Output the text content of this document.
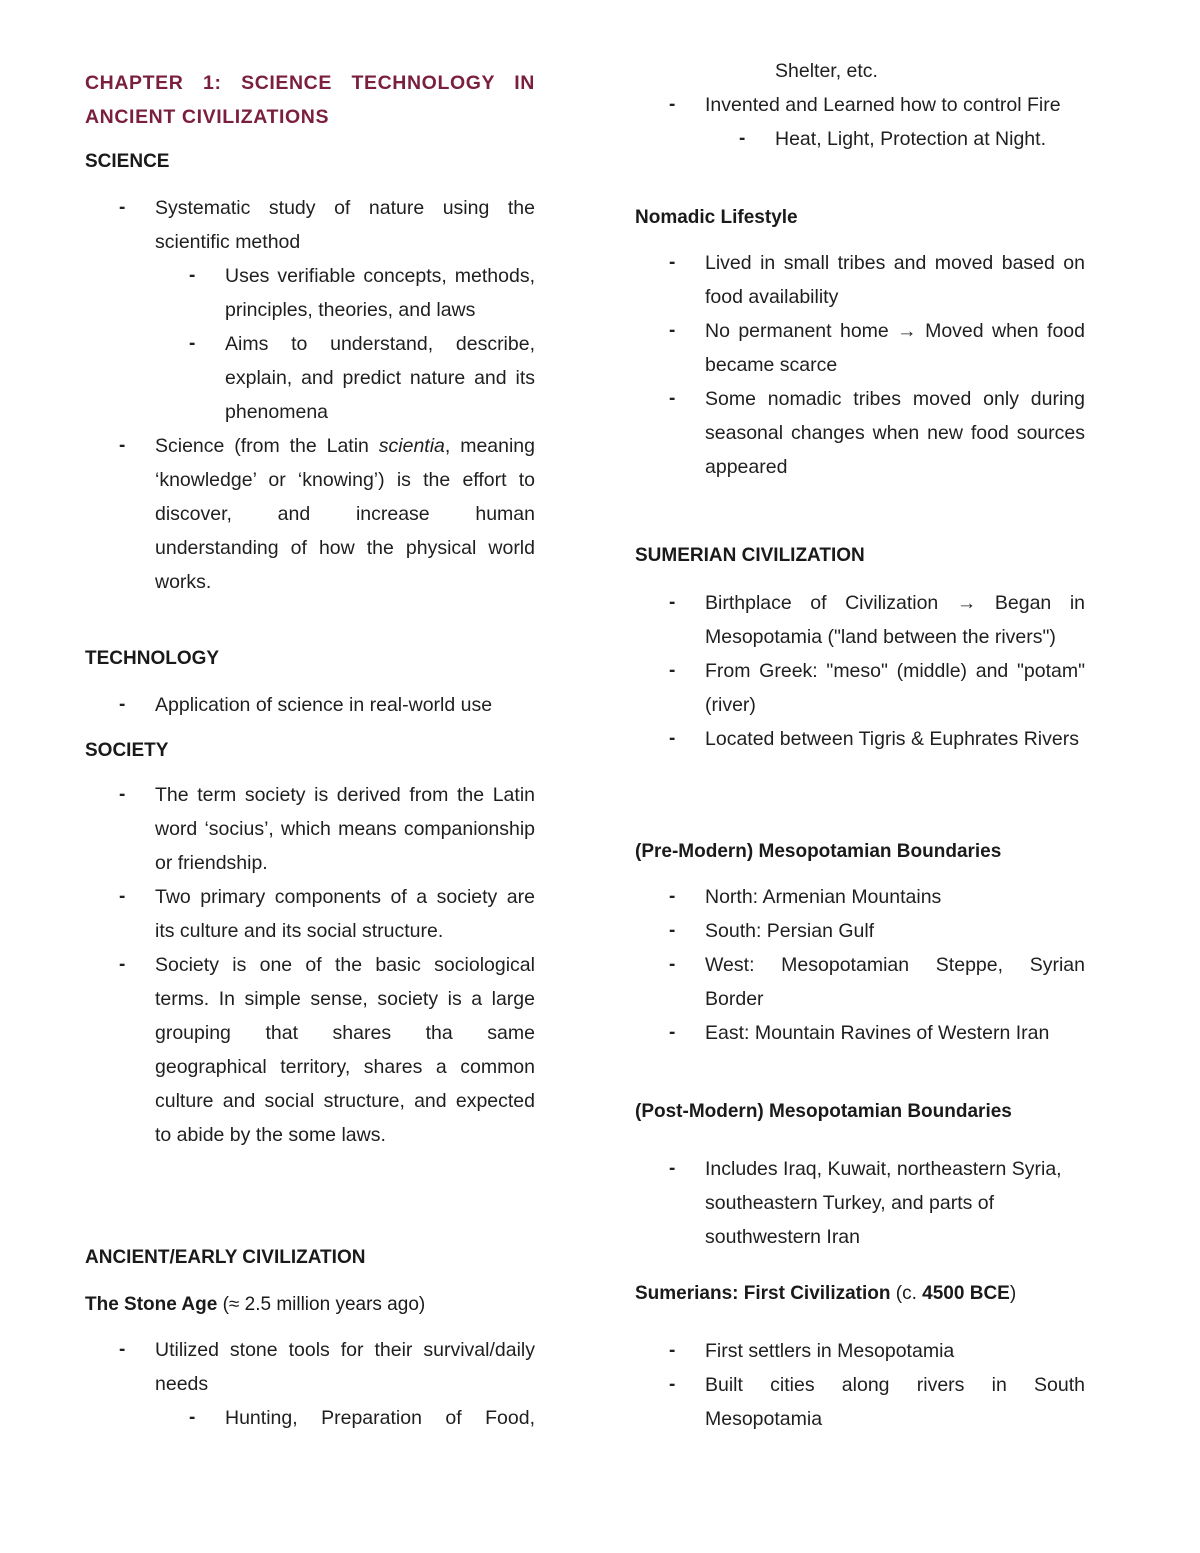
CHAPTER 1: SCIENCE TECHNOLOGY IN ANCIENT CIVILIZATIONS
SCIENCE
- Systematic study of nature using the scientific method
- Uses verifiable concepts, methods, principles, theories, and laws
- Aims to understand, describe, explain, and predict nature and its phenomena
- Science (from the Latin scientia, meaning ‘knowledge’ or ‘knowing’) is the effort to discover, and increase human understanding of how the physical world works.
TECHNOLOGY
- Application of science in real-world use
SOCIETY
- The term society is derived from the Latin word ‘socius’, which means companionship or friendship.
- Two primary components of a society are its culture and its social structure.
- Society is one of the basic sociological terms. In simple sense, society is a large grouping that shares tha same geographical territory, shares a common culture and social structure, and expected to abide by the some laws.
ANCIENT/EARLY CIVILIZATION
The Stone Age (≈ 2.5 million years ago)
- Utilized stone tools for their survival/daily needs
- Hunting, Preparation of Food,
Shelter, etc.
- Invented and Learned how to control Fire
- Heat, Light, Protection at Night.
Nomadic Lifestyle
- Lived in small tribes and moved based on food availability
- No permanent home → Moved when food became scarce
- Some nomadic tribes moved only during seasonal changes when new food sources appeared
SUMERIAN CIVILIZATION
- Birthplace of Civilization → Began in Mesopotamia ("land between the rivers")
- From Greek: "meso" (middle) and "potam" (river)
- Located between Tigris & Euphrates Rivers
(Pre-Modern) Mesopotamian Boundaries
- North: Armenian Mountains
- South: Persian Gulf
- West: Mesopotamian Steppe, Syrian Border
- East: Mountain Ravines of Western Iran
(Post-Modern) Mesopotamian Boundaries
- Includes Iraq, Kuwait, northeastern Syria, southeastern Turkey, and parts of southwestern Iran
Sumerians: First Civilization (c. 4500 BCE)
- First settlers in Mesopotamia
- Built cities along rivers in South Mesopotamia
